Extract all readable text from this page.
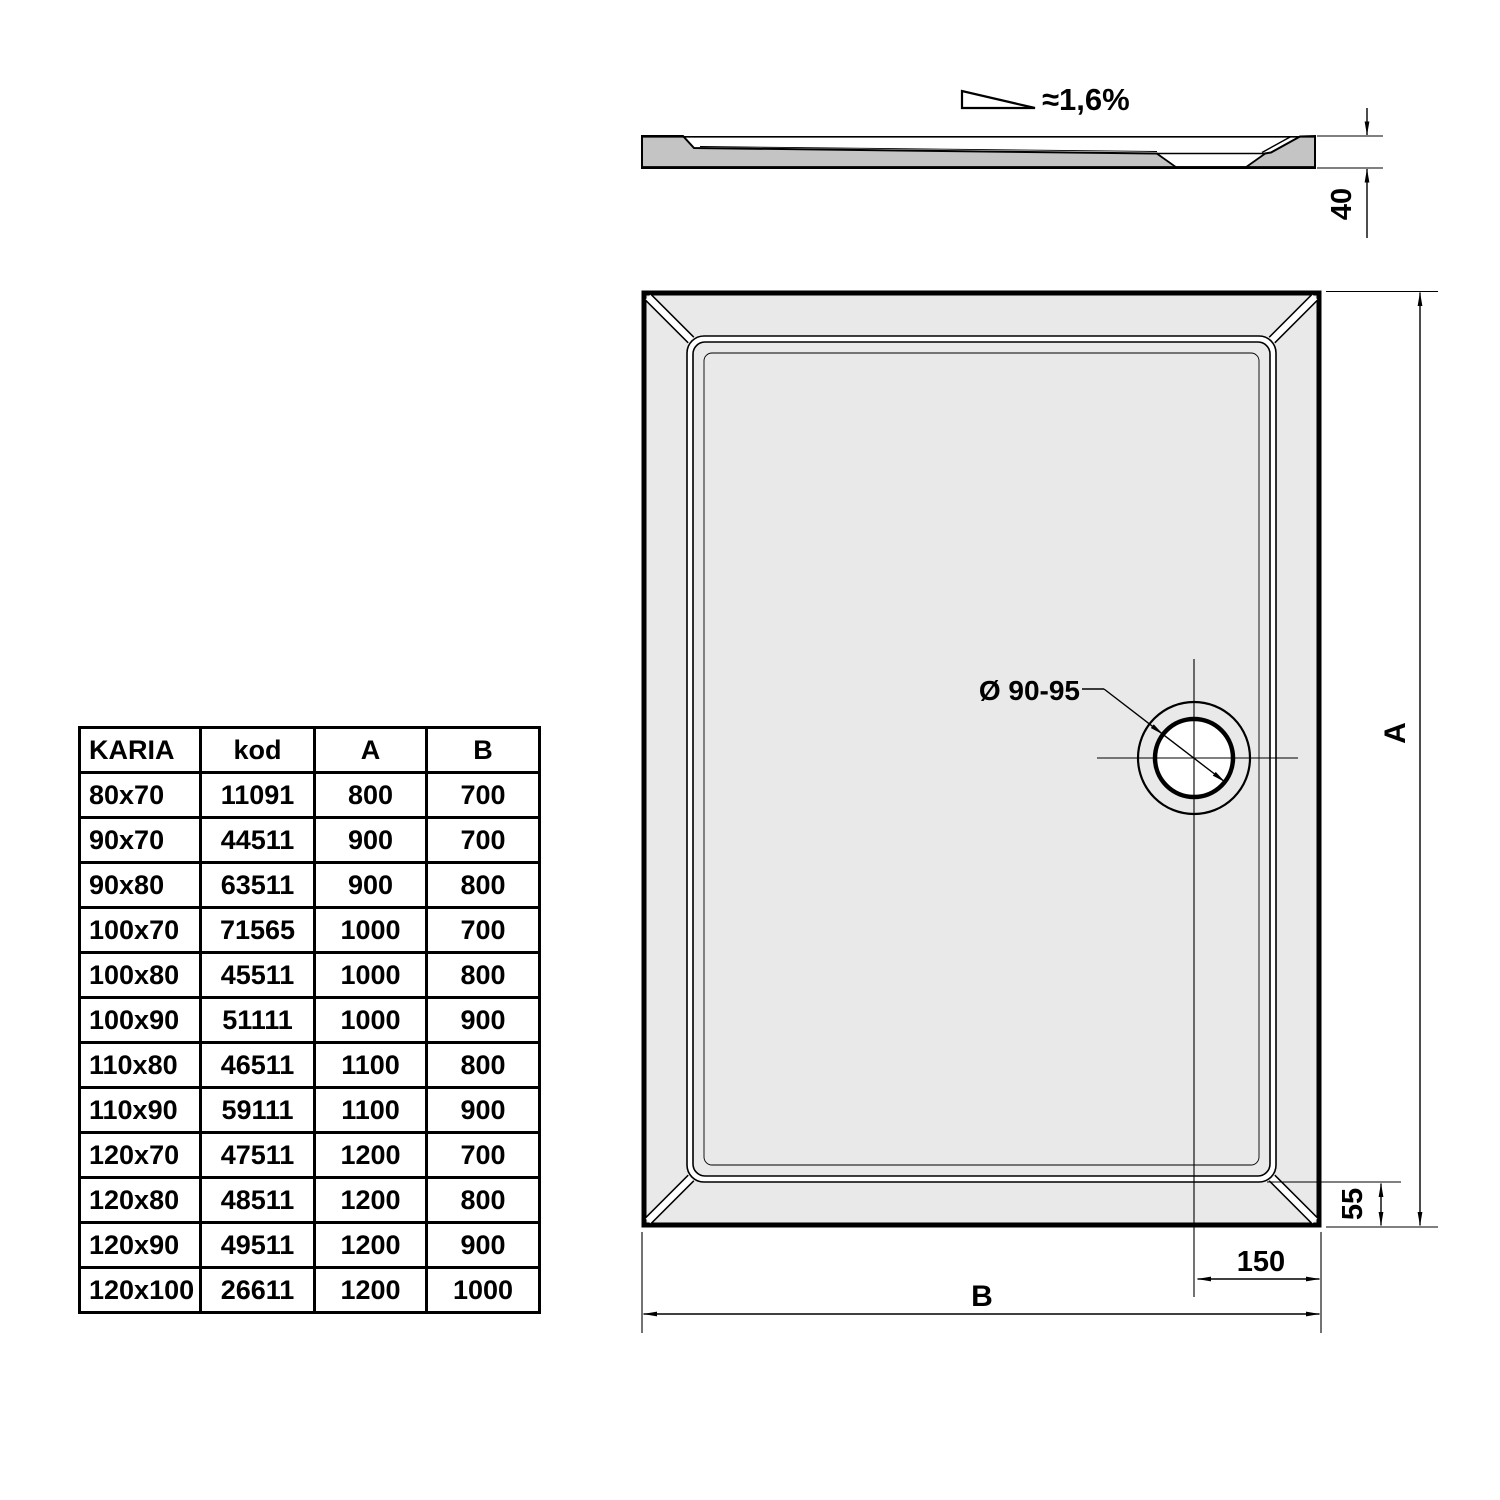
KARIA	kod	A	B
80x70	11091	800	700
90x70	44511	900	700
90x80	63511	900	800
100x70	71565	1000	700
100x80	45511	1000	800
100x90	51111	1000	900
110x80	46511	1100	800
110x90	59111	1100	900
120x70	47511	1200	700
120x80	48511	1200	800
120x90	49511	1200	900
120x100	26611	1200	1000
≈1,6%
40
Ø 90-95
A
B
150
55
